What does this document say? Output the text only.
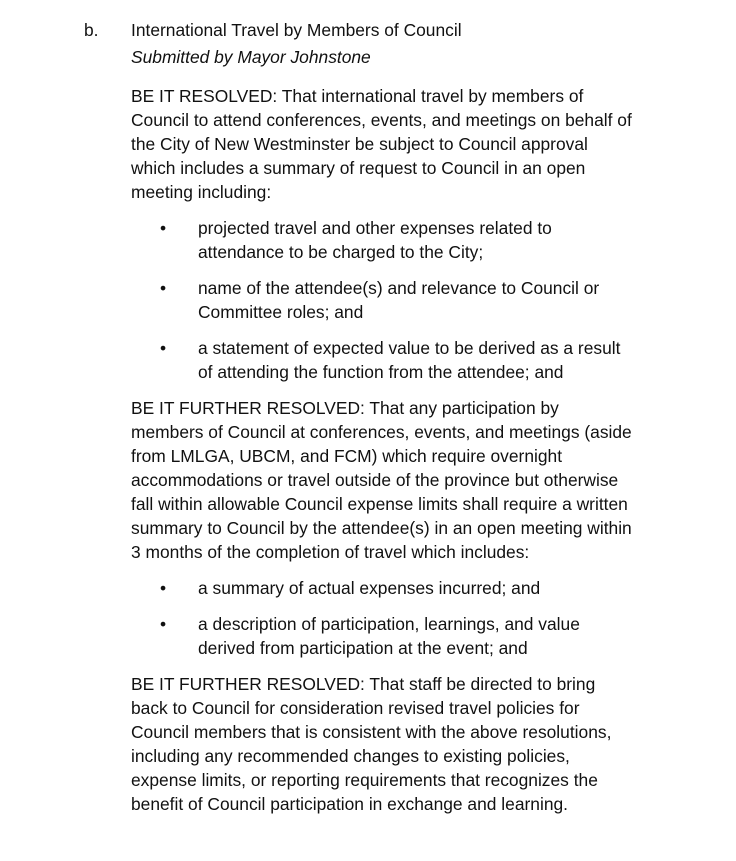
b. International Travel by Members of Council
Submitted by Mayor Johnstone

BE IT RESOLVED: That international travel by members of Council to attend conferences, events, and meetings on behalf of the City of New Westminster be subject to Council approval which includes a summary of request to Council in an open meeting including:

• projected travel and other expenses related to attendance to be charged to the City;
• name of the attendee(s) and relevance to Council or Committee roles; and
• a statement of expected value to be derived as a result of attending the function from the attendee; and

BE IT FURTHER RESOLVED: That any participation by members of Council at conferences, events, and meetings (aside from LMLGA, UBCM, and FCM) which require overnight accommodations or travel outside of the province but otherwise fall within allowable Council expense limits shall require a written summary to Council by the attendee(s) in an open meeting within 3 months of the completion of travel which includes:

• a summary of actual expenses incurred; and
• a description of participation, learnings, and value derived from participation at the event; and

BE IT FURTHER RESOLVED: That staff be directed to bring back to Council for consideration revised travel policies for Council members that is consistent with the above resolutions, including any recommended changes to existing policies, expense limits, or reporting requirements that recognizes the benefit of Council participation in exchange and learning.
